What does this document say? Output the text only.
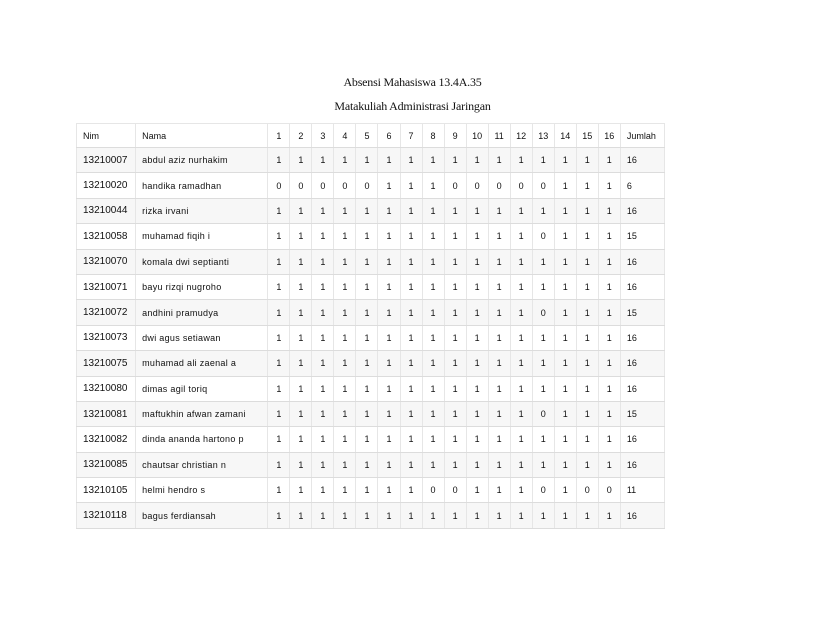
Absensi Mahasiswa 13.4A.35
Matakuliah Administrasi Jaringan
Nim	Nama	1	2	3	4	5	6	7	8	9	10	11	12	13	14	15	16	Jumlah
13210007	abdul aziz nurhakim	1	1	1	1	1	1	1	1	1	1	1	1	1	1	1	1	16
13210020	handika ramadhan	0	0	0	0	0	1	1	1	0	0	0	0	0	1	1	1	6
13210044	rizka irvani	1	1	1	1	1	1	1	1	1	1	1	1	1	1	1	1	16
13210058	muhamad fiqih i	1	1	1	1	1	1	1	1	1	1	1	1	0	1	1	1	15
13210070	komala dwi septianti	1	1	1	1	1	1	1	1	1	1	1	1	1	1	1	1	16
13210071	bayu rizqi nugroho	1	1	1	1	1	1	1	1	1	1	1	1	1	1	1	1	16
13210072	andhini pramudya	1	1	1	1	1	1	1	1	1	1	1	1	0	1	1	1	15
13210073	dwi agus setiawan	1	1	1	1	1	1	1	1	1	1	1	1	1	1	1	1	16
13210075	muhamad ali zaenal a	1	1	1	1	1	1	1	1	1	1	1	1	1	1	1	1	16
13210080	dimas agil toriq	1	1	1	1	1	1	1	1	1	1	1	1	1	1	1	1	16
13210081	maftukhin afwan zamani	1	1	1	1	1	1	1	1	1	1	1	1	0	1	1	1	15
13210082	dinda ananda hartono p	1	1	1	1	1	1	1	1	1	1	1	1	1	1	1	1	16
13210085	chautsar christian n	1	1	1	1	1	1	1	1	1	1	1	1	1	1	1	1	16
13210105	helmi hendro s	1	1	1	1	1	1	1	0	0	1	1	1	0	1	0	0	11
13210118	bagus ferdiansah	1	1	1	1	1	1	1	1	1	1	1	1	1	1	1	1	16
